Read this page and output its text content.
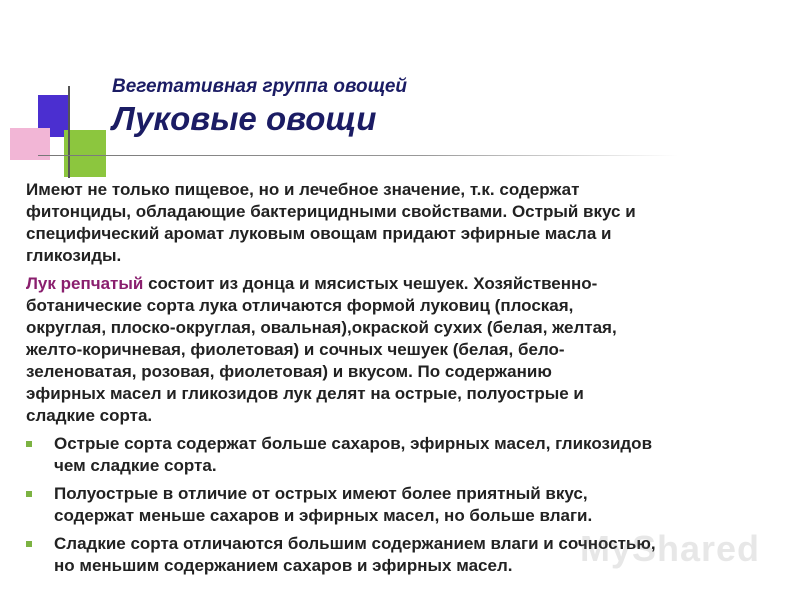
Вегетативная группа овощей
Луковые овощи

Имеют не только пищевое, но и лечебное значение, т.к. содержат
фитонциды, обладающие бактерицидными свойствами. Острый вкус и
специфический аромат луковым овощам придают эфирные масла и
гликозиды.

Лук репчатый состоит из донца и мясистых чешуек. Хозяйственно-
ботанические сорта лука отличаются формой луковиц (плоская,
округлая, плоско-округлая, овальная),окраской сухих (белая, желтая,
желто-коричневая, фиолетовая) и сочных чешуек (белая, бело-
зеленоватая, розовая, фиолетовая) и вкусом. По содержанию
эфирных масел и гликозидов лук делят на острые, полуострые и
сладкие сорта.

Острые сорта содержат больше сахаров, эфирных масел, гликозидов
чем сладкие сорта.
Полуострые в отличие от острых имеют более приятный вкус,
содержат меньше сахаров и эфирных масел, но больше влаги.
Сладкие сорта отличаются большим содержанием влаги и сочностью,
но меньшим содержанием сахаров и эфирных масел.	MyShared
